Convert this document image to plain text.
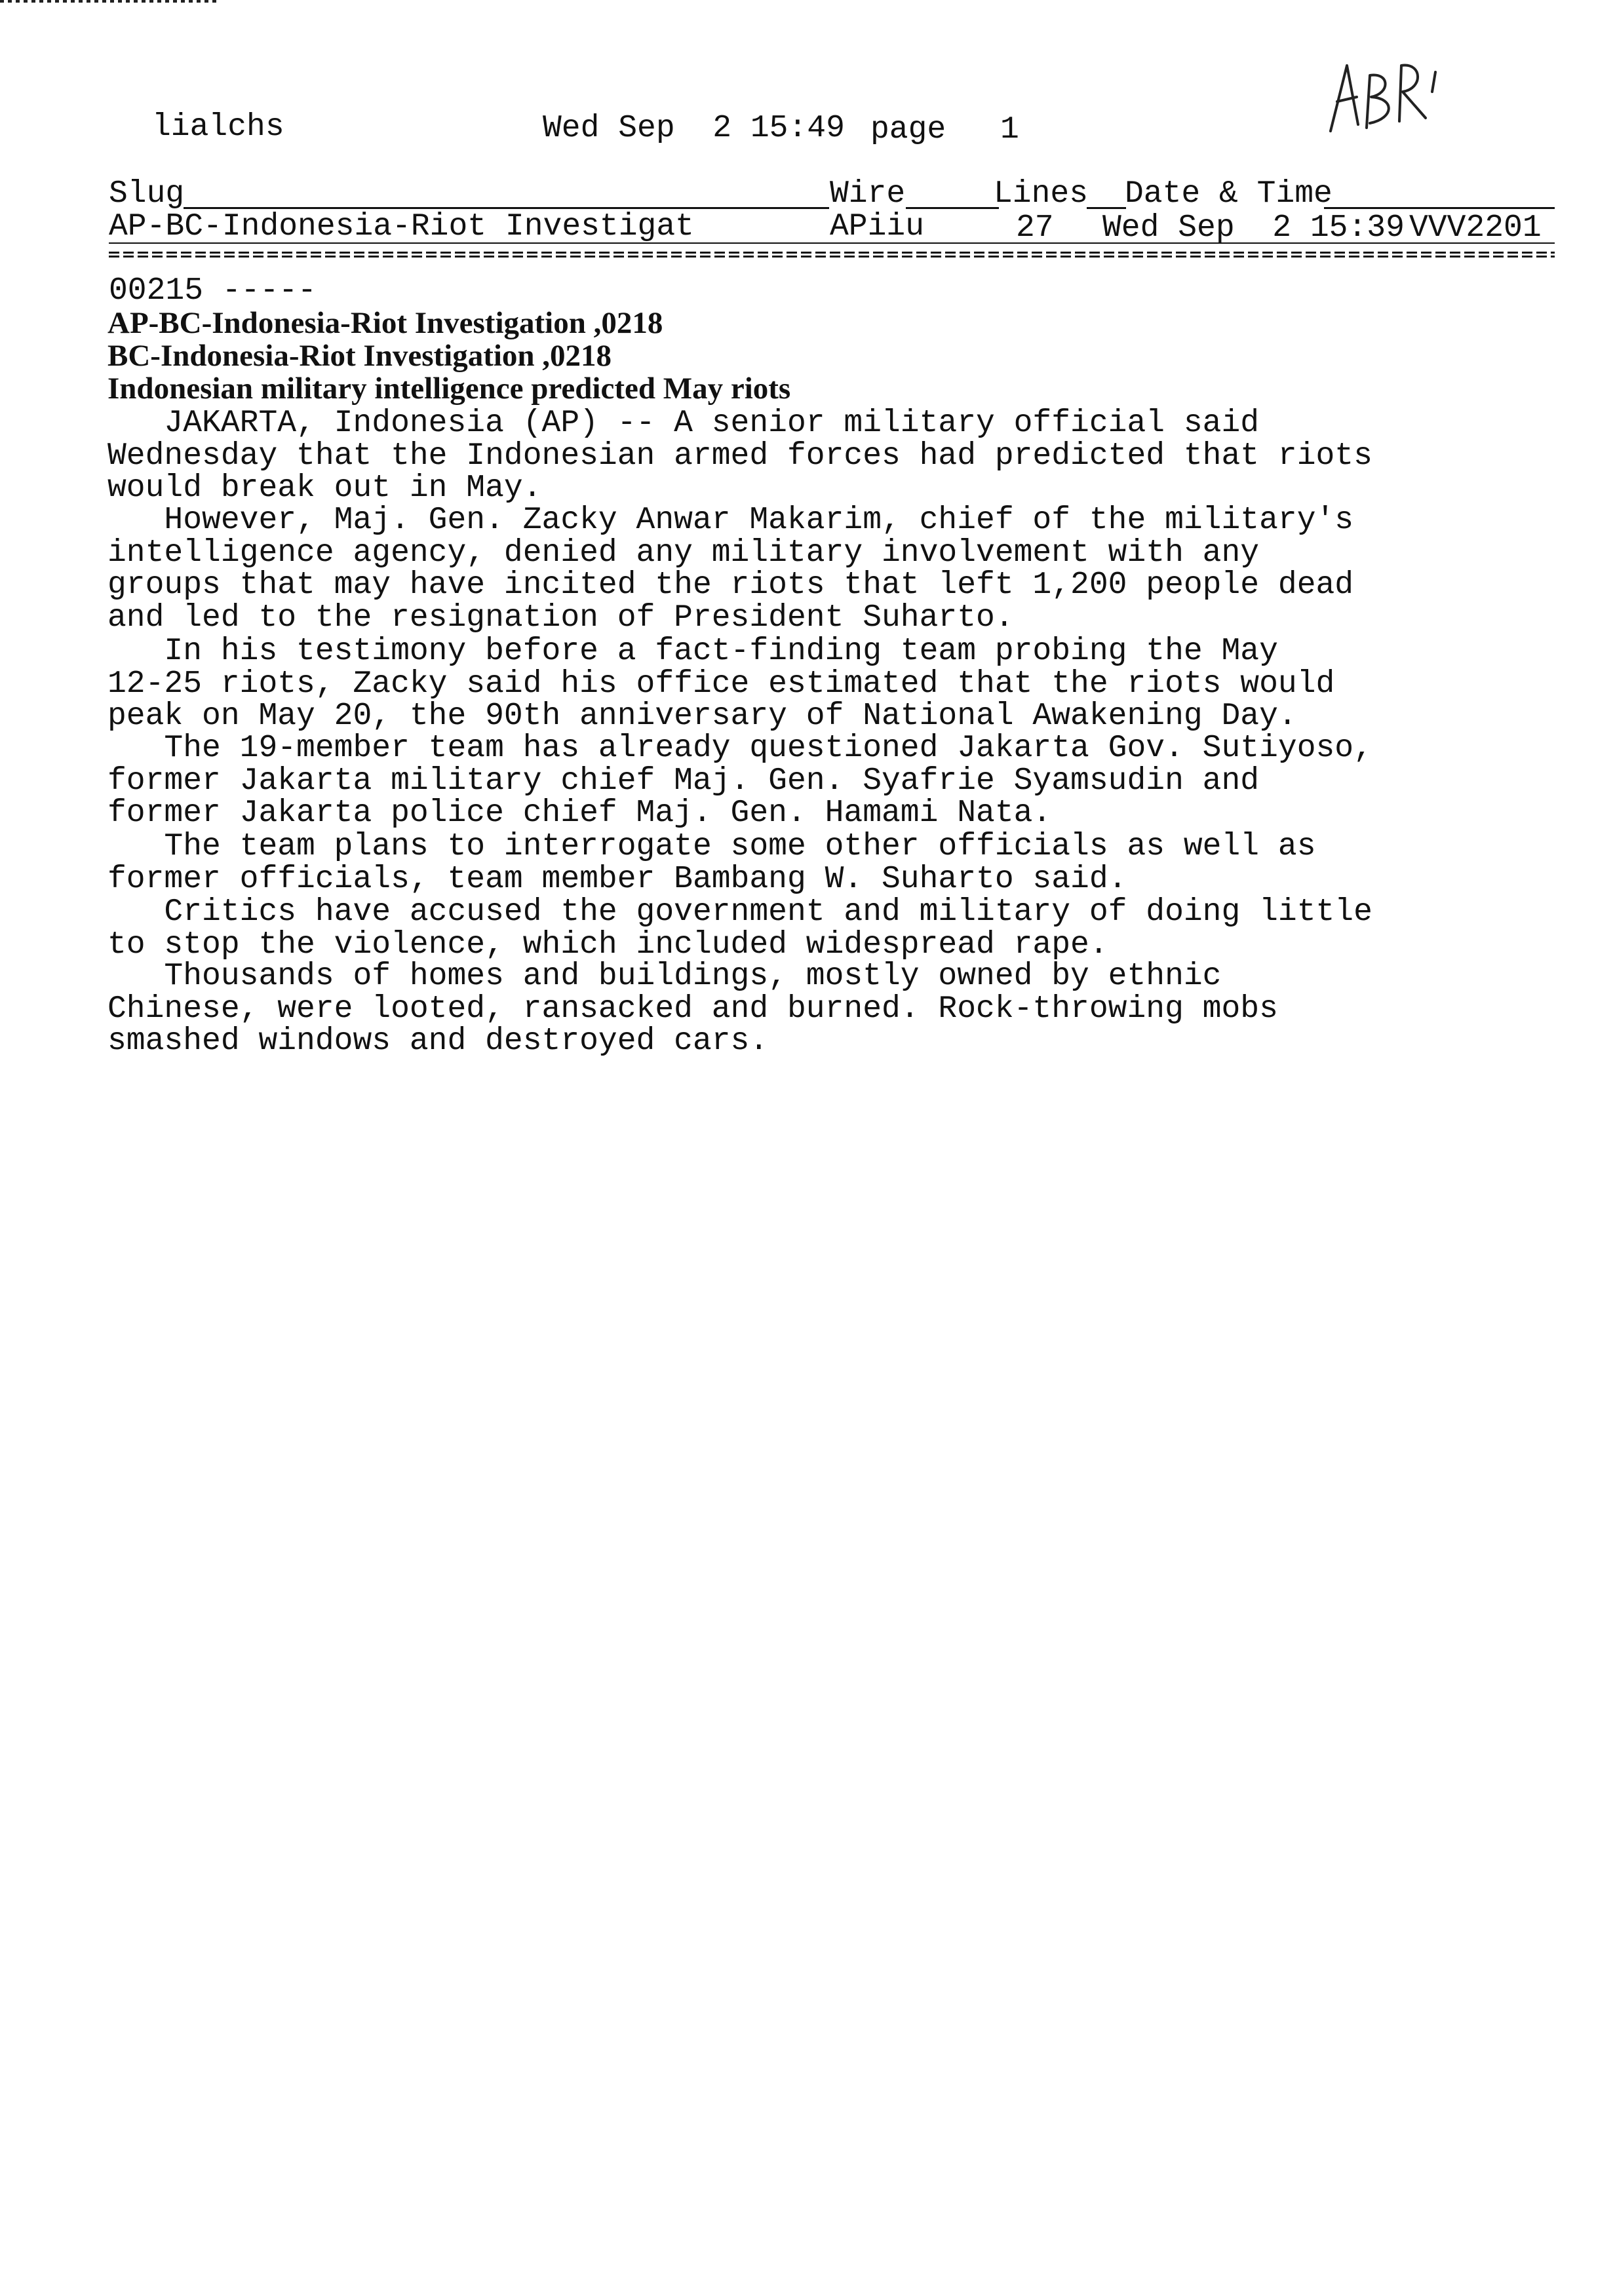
lialchs	Wed Sep  2 15:49 page 1
Slug	Wire	Lines Date & Time
AP-BC-Indonesia-Riot Investigat	APiiu	27 Wed Sep  2 15:39 VVV2201
00215 -----
AP-BC-Indonesia-Riot Investigation ,0218
BC-Indonesia-Riot Investigation ,0218
Indonesian military intelligence predicted May riots
JAKARTA, Indonesia (AP) -- A senior military official said
Wednesday that the Indonesian armed forces had predicted that riots
would break out in May.
However, Maj. Gen. Zacky Anwar Makarim, chief of the military's
intelligence agency, denied any military involvement with any
groups that may have incited the riots that left 1,200 people dead
and led to the resignation of President Suharto.
In his testimony before a fact-finding team probing the May
12-25 riots, Zacky said his office estimated that the riots would
peak on May 20, the 90th anniversary of National Awakening Day.
The 19-member team has already questioned Jakarta Gov. Sutiyoso,
former Jakarta military chief Maj. Gen. Syafrie Syamsudin and
former Jakarta police chief Maj. Gen. Hamami Nata.
The team plans to interrogate some other officials as well as
former officials, team member Bambang W. Suharto said.
Critics have accused the government and military of doing little
to stop the violence, which included widespread rape.
Thousands of homes and buildings, mostly owned by ethnic
Chinese, were looted, ransacked and burned. Rock-throwing mobs
smashed windows and destroyed cars.
